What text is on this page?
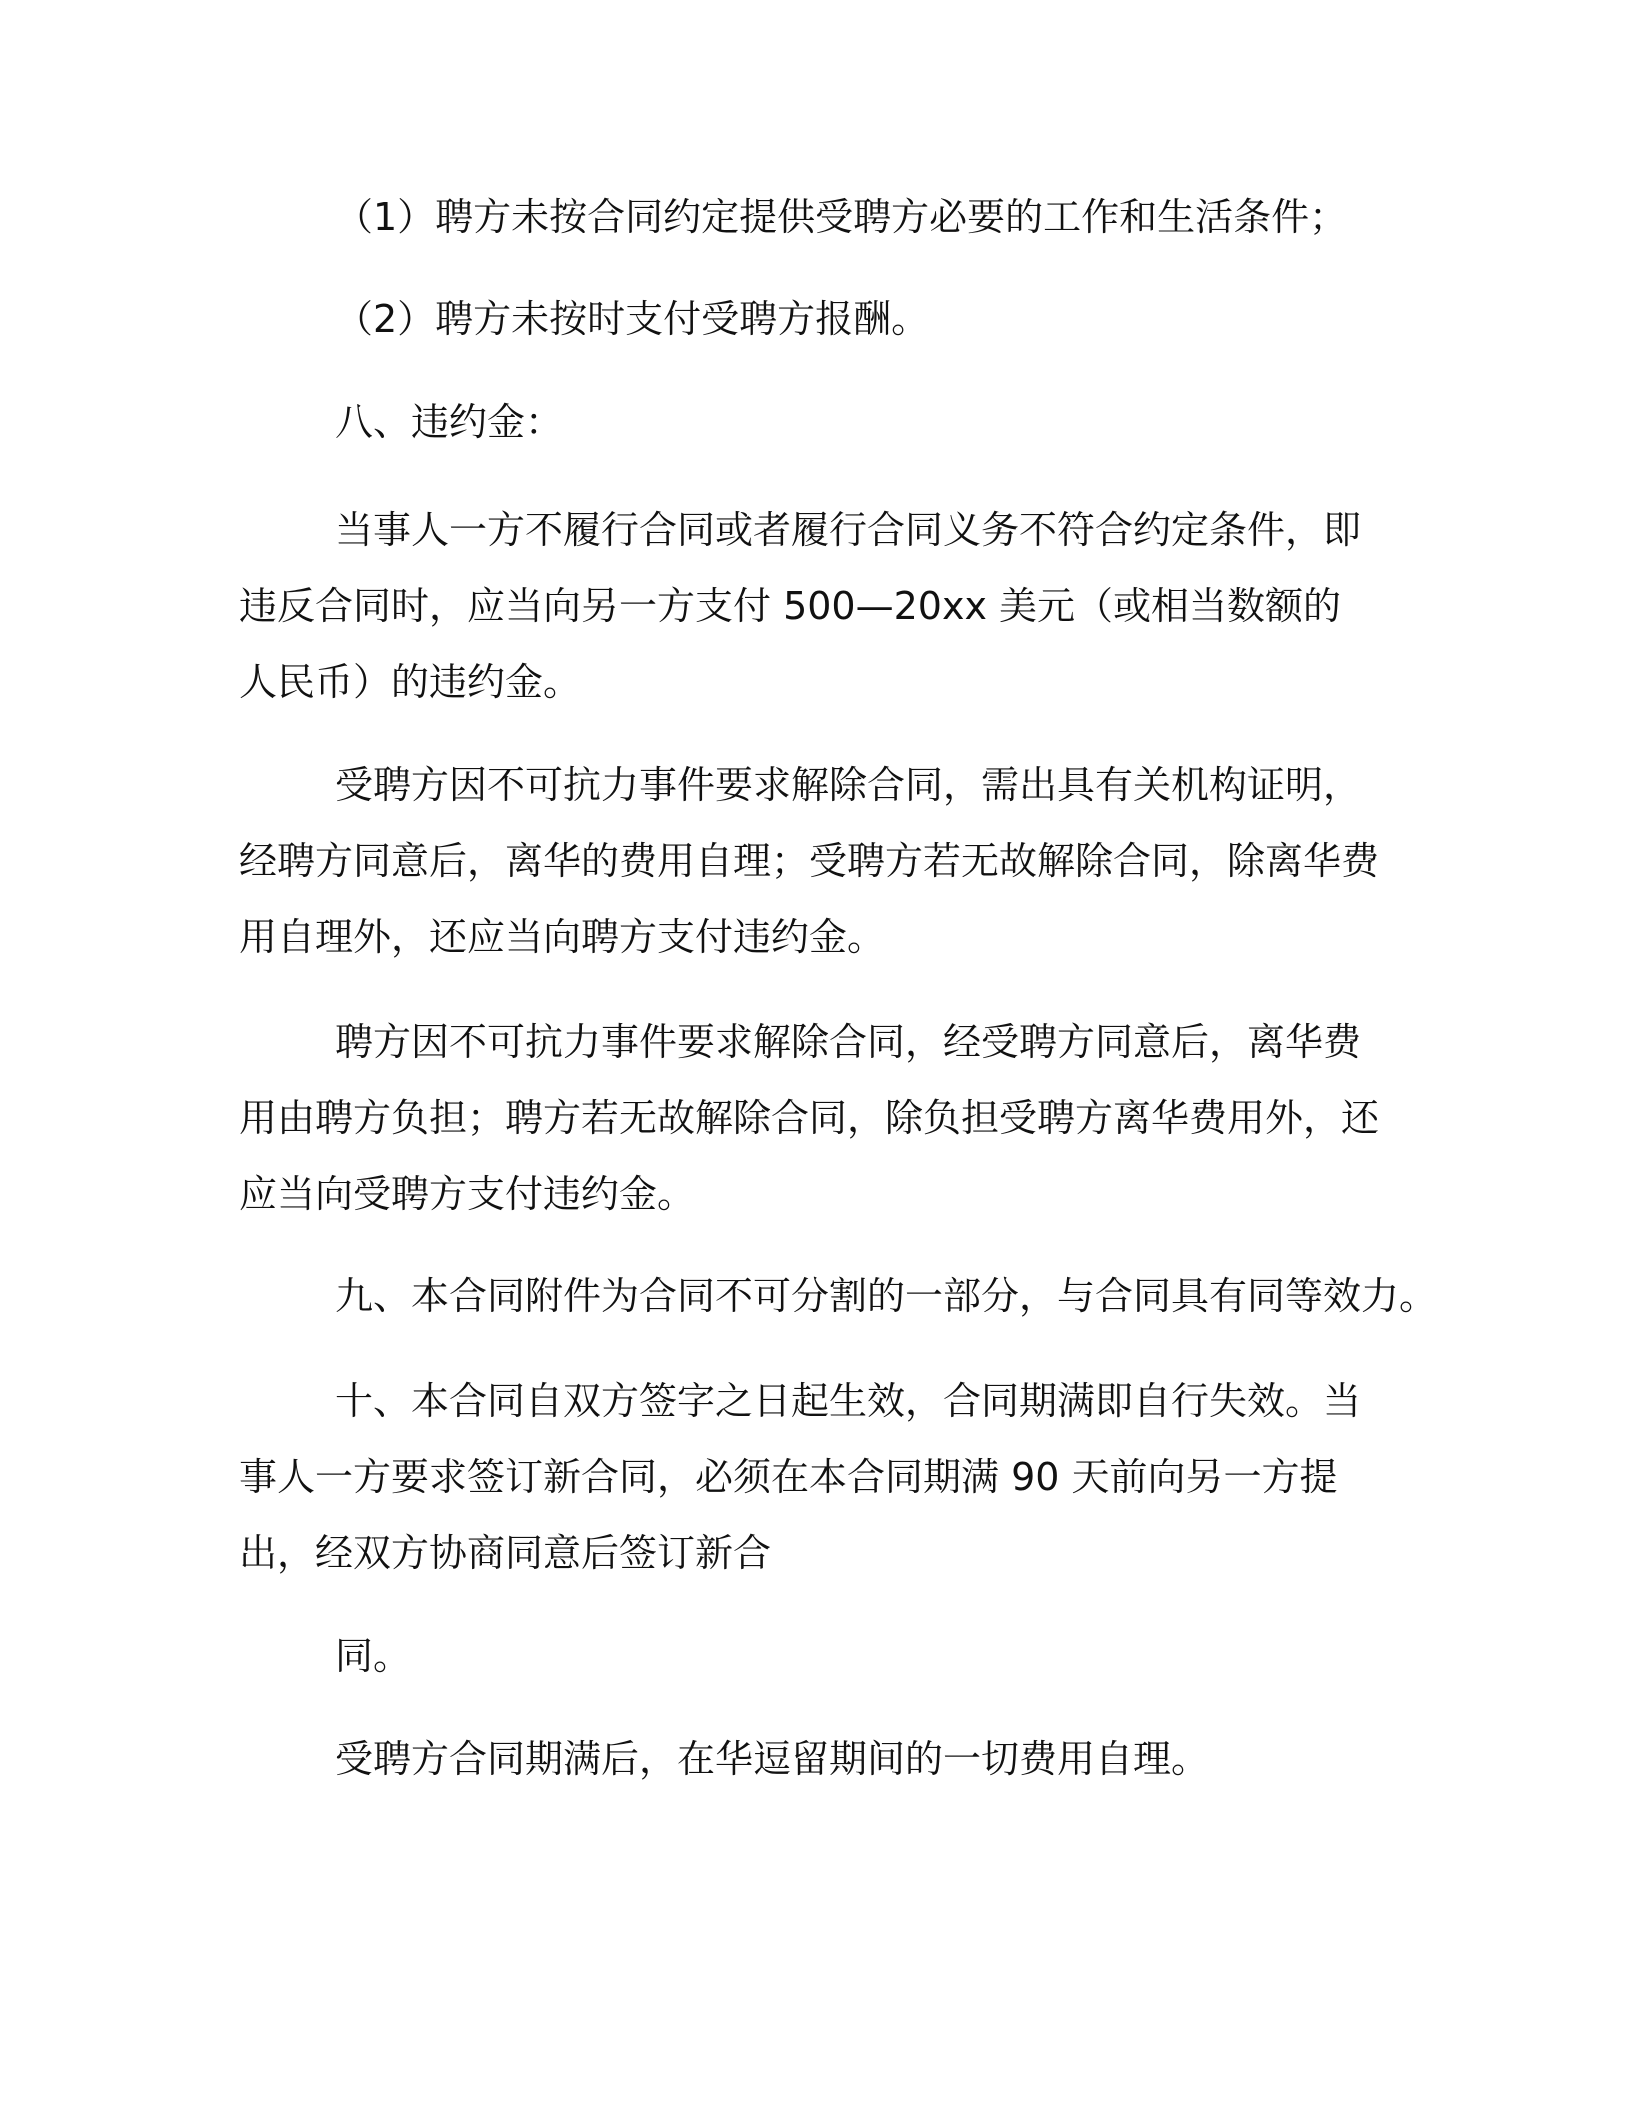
（1）聘方未按合同约定提供受聘方必要的工作和生活条件；

（2）聘方未按时支付受聘方报酬。

八、违约金：

当事人一方不履行合同或者履行合同义务不符合约定条件，即违反合同时，应当向另一方支付 500—20xx 美元（或相当数额的人民币）的违约金。

受聘方因不可抗力事件要求解除合同，需出具有关机构证明，经聘方同意后，离华的费用自理；受聘方若无故解除合同，除离华费用自理外，还应当向聘方支付违约金。

聘方因不可抗力事件要求解除合同，经受聘方同意后，离华费用由聘方负担；聘方若无故解除合同，除负担受聘方离华费用外，还应当向受聘方支付违约金。

九、本合同附件为合同不可分割的一部分，与合同具有同等效力。

十、本合同自双方签字之日起生效，合同期满即自行失效。当事人一方要求签订新合同，必须在本合同期满 90 天前向另一方提出，经双方协商同意后签订新合

同。

受聘方合同期满后，在华逗留期间的一切费用自理。
